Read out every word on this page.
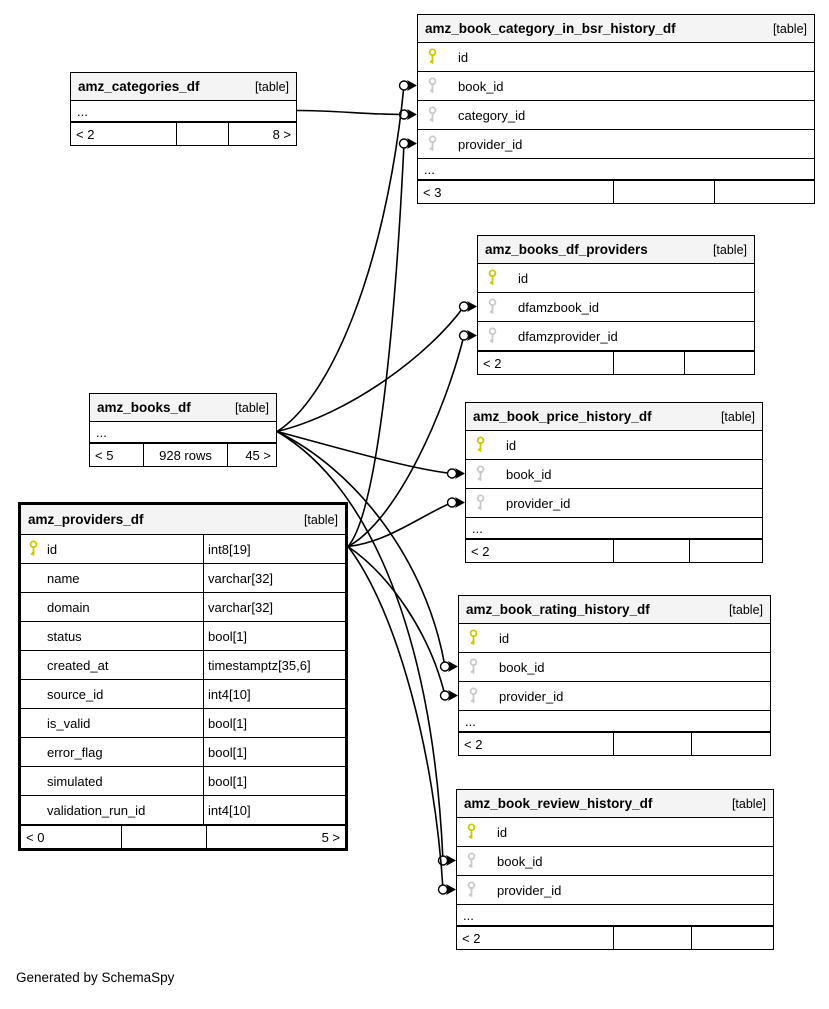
Generated by SchemaSpy
amz_categories_df	[table]
...
< 2	8 >
amz_book_category_in_bsr_history_df	[table]
id
book_id
category_id
provider_id
...
< 3
amz_books_df_providers	[table]
id
dfamzbook_id
dfamzprovider_id
< 2
amz_books_df	[table]
...
< 5	928 rows	45 >
amz_book_price_history_df	[table]
id
book_id
provider_id
...
< 2
amz_providers_df	[table]
id	int8[19]
name	varchar[32]
domain	varchar[32]
status	bool[1]
created_at	timestamptz[35,6]
source_id	int4[10]
is_valid	bool[1]
error_flag	bool[1]
simulated	bool[1]
validation_run_id	int4[10]
< 0	5 >
amz_book_rating_history_df	[table]
id
book_id
provider_id
...
< 2
amz_book_review_history_df	[table]
id
book_id
provider_id
...
< 2
